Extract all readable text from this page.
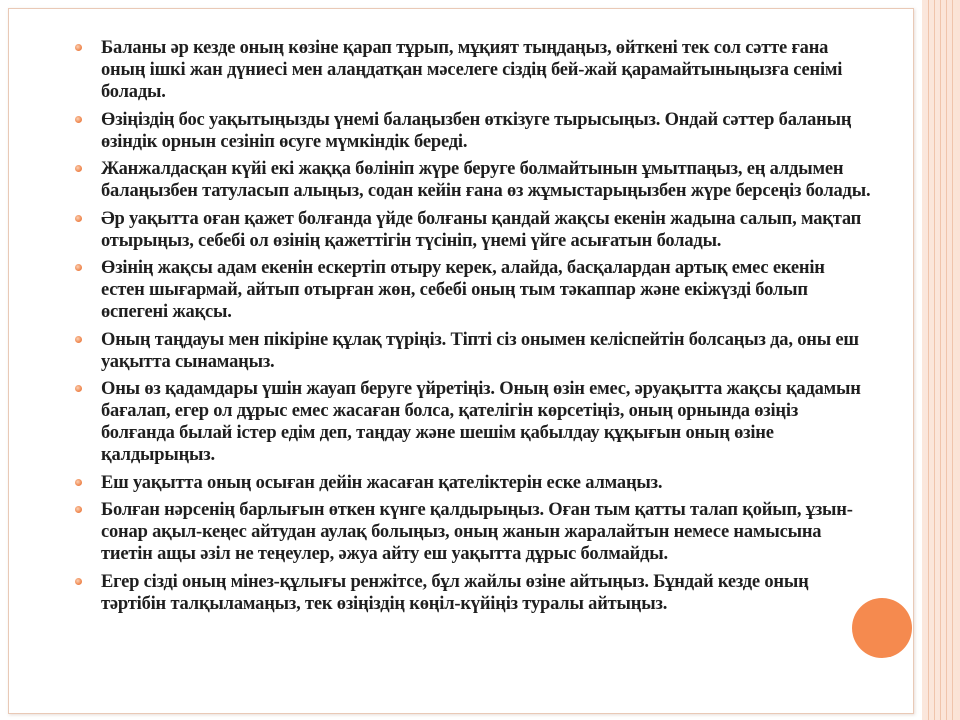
Баланы әр кезде оның көзіне қарап тұрып, мұқият тыңдаңыз, өйткені тек сол сәтте ғана оның ішкі жан дүниесі мен алаңдатқан мәселеге сіздің бей-жай қарамайтыныңызға сенімі болады.
Өзіңіздің бос уақытыңызды үнемі балаңызбен өткізуге тырысыңыз. Ондай сәттер баланың өзіндік орнын сезініп өсуге мүмкіндік береді.
Жанжалдасқан күйі екі жаққа бөлініп жүре беруге болмайтынын ұмытпаңыз, ең алдымен балаңызбен татуласып алыңыз, содан кейін ғана өз жұмыстарыңызбен жүре берсеңіз болады.
Әр уақытта оған қажет болғанда үйде болғаны қандай жақсы екенін жадына салып, мақтап отырыңыз, себебі ол өзінің қажеттігін түсініп, үнемі үйге асығатын болады.
Өзінің жақсы адам екенін ескертіп отыру керек, алайда, басқалардан артық емес екенін естен шығармай, айтып отырған жөн, себебі оның тым тәкаппар және екіжүзді болып өспегені жақсы.
Оның таңдауы мен пікіріне құлақ түріңіз. Тіпті сіз онымен келіспейтін болсаңыз да, оны еш уақытта сынамаңыз.
Оны өз қадамдары үшін жауап беруге үйретіңіз. Оның өзін емес, әруақытта жақсы қадамын бағалап, егер ол дұрыс емес жасаған болса, қателігін көрсетіңіз, оның орнында өзіңіз болғанда былай істер едім деп, таңдау және шешім қабылдау құқығын оның өзіне қалдырыңыз.
Еш уақытта оның осыған дейін жасаған қателіктерін еске алмаңыз.
Болған нәрсенің барлығын өткен күнге қалдырыңыз. Оған тым қатты талап қойып, ұзын-сонар ақыл-кеңес айтудан аулақ болыңыз, оның жанын жаралайтын немесе намысына тиетін ащы әзіл не теңеулер, әжуа айту еш уақытта дұрыс болмайды.
Егер сізді оның мінез-құлығы ренжітсе, бұл жайлы өзіне айтыңыз. Бұндай кезде оның тәртібін талқыламаңыз, тек өзіңіздің көңіл-күйіңіз туралы айтыңыз.
